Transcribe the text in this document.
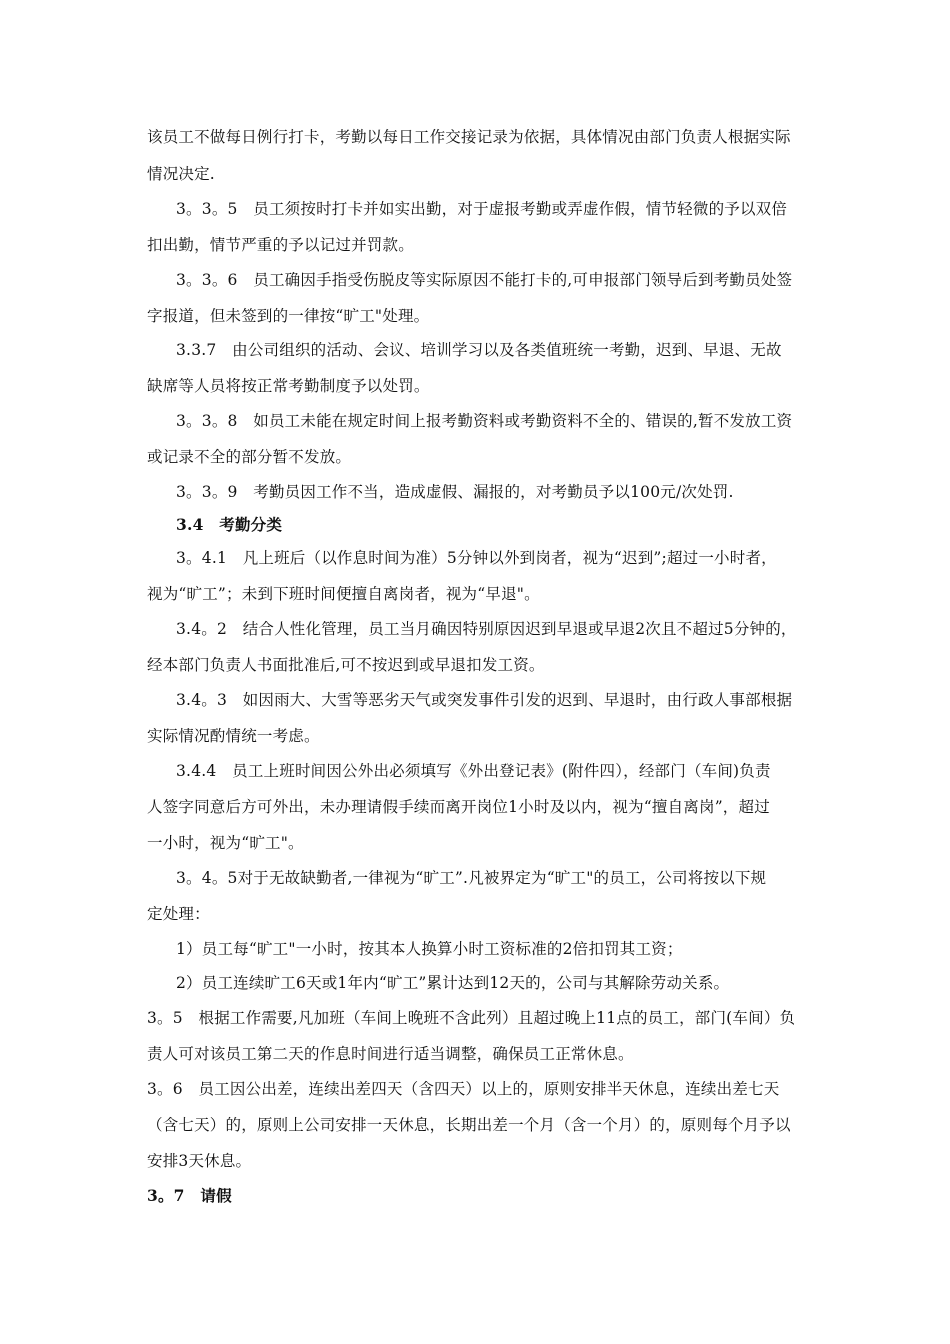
该员工不做每日例行打卡，考勤以每日工作交接记录为依据，具体情况由部门负责人根据实际
情况决定.
3。3。5　员工须按时打卡并如实出勤，对于虚报考勤或弄虚作假，情节轻微的予以双倍
扣出勤，情节严重的予以记过并罚款。
3。3。6　员工确因手指受伤脱皮等实际原因不能打卡的,可申报部门领导后到考勤员处签
字报道，但未签到的一律按“旷工"处理。
3.3.7　由公司组织的活动、会议、培训学习以及各类值班统一考勤，迟到、早退、无故
缺席等人员将按正常考勤制度予以处罚。
3。3。8　如员工未能在规定时间上报考勤资料或考勤资料不全的、错误的,暂不发放工资
或记录不全的部分暂不发放。
3。3。9　考勤员因工作不当，造成虚假、漏报的，对考勤员予以100元/次处罚.
3.4　考勤分类
3。4.1　凡上班后（以作息时间为准）5分钟以外到岗者，视为“迟到”;超过一小时者，
视为“旷工”；未到下班时间便擅自离岗者，视为“早退"。
3.4。2　结合人性化管理，员工当月确因特别原因迟到早退或早退2次且不超过5分钟的，
经本部门负责人书面批准后,可不按迟到或早退扣发工资。
3.4。3　如因雨大、大雪等恶劣天气或突发事件引发的迟到、早退时，由行政人事部根据
实际情况酌情统一考虑。
3.4.4　员工上班时间因公外出必须填写《外出登记表》(附件四），经部门（车间)负责
人签字同意后方可外出，未办理请假手续而离开岗位1小时及以内，视为“擅自离岗”，超过
一小时，视为“旷工"。
3。4。5对于无故缺勤者,一律视为“旷工”.凡被界定为“旷工"的员工，公司将按以下规
定处理：
1）员工每“旷工"一小时，按其本人换算小时工资标准的2倍扣罚其工资；
2）员工连续旷工6天或1年内“旷工”累计达到12天的，公司与其解除劳动关系。
3。5　根据工作需要,凡加班（车间上晚班不含此列）且超过晚上11点的员工，部门(车间）负
责人可对该员工第二天的作息时间进行适当调整，确保员工正常休息。
3。6　员工因公出差，连续出差四天（含四天）以上的，原则安排半天休息，连续出差七天
（含七天）的，原则上公司安排一天休息，长期出差一个月（含一个月）的，原则每个月予以
安排3天休息。
3。7　请假
